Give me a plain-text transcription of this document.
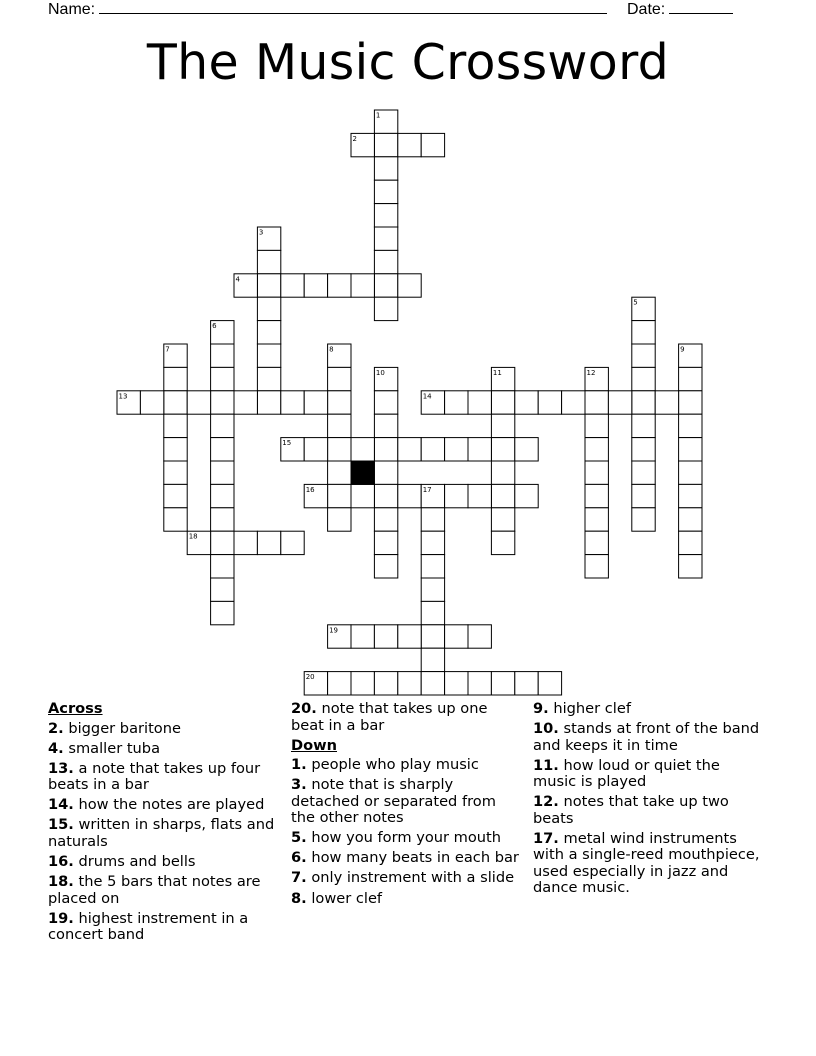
Name:	Date:
The Music Crossword
1
2
3
4
5
6
7	8	9
10	11	12
13	14
15
16	17
18
19
20
Across
2. bigger baritone
4. smaller tuba
13. a note that takes up four beats in a bar
14. how the notes are played
15. written in sharps, flats and naturals
16. drums and bells
18. the 5 bars that notes are placed on
19. highest instrement in a concert band
20. note that takes up one beat in a bar
Down
1. people who play music
3. note that is sharply detached or separated from the other notes
5. how you form your mouth
6. how many beats in each bar
7. only instrement with a slide
8. lower clef
9. higher clef
10. stands at front of the band and keeps it in time
11. how loud or quiet the music is played
12. notes that take up two beats
17. metal wind instruments with a single-reed mouthpiece, used especially in jazz and dance music.
